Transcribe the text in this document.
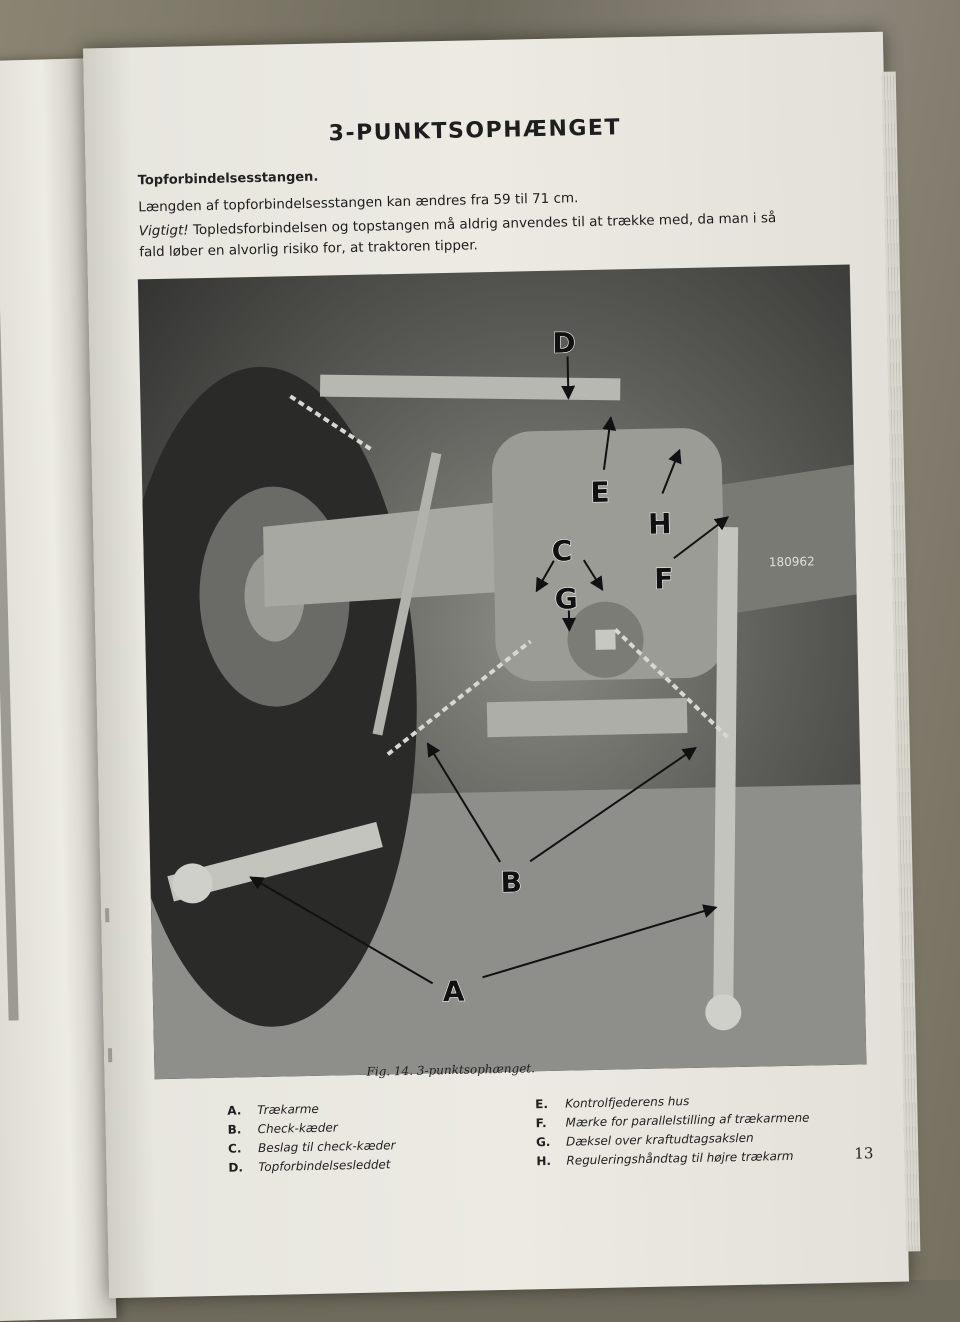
3-PUNKTSOPHÆNGET
Topforbindelsesstangen.

Længden af topforbindelsesstangen kan ændres fra 59 til 71 cm.

Vigtigt! Topledsforbindelsen og topstangen må aldrig anvendes til at trække med, da man i så fald løber en alvorlig risiko for, at traktoren tipper.

180962
D
E
H
F
C
G
B
A
Fig. 14. 3-punktsophænget.
A.	Trækarme
B.	Check-kæder
C.	Beslag til check-kæder
D.	Topforbindelsesleddet
E.	Kontrolfjederens hus
F.	Mærke for parallelstilling af trækarmene
G.	Dæksel over kraftudtagsakslen
H.	Reguleringshåndtag til højre trækarm	13
